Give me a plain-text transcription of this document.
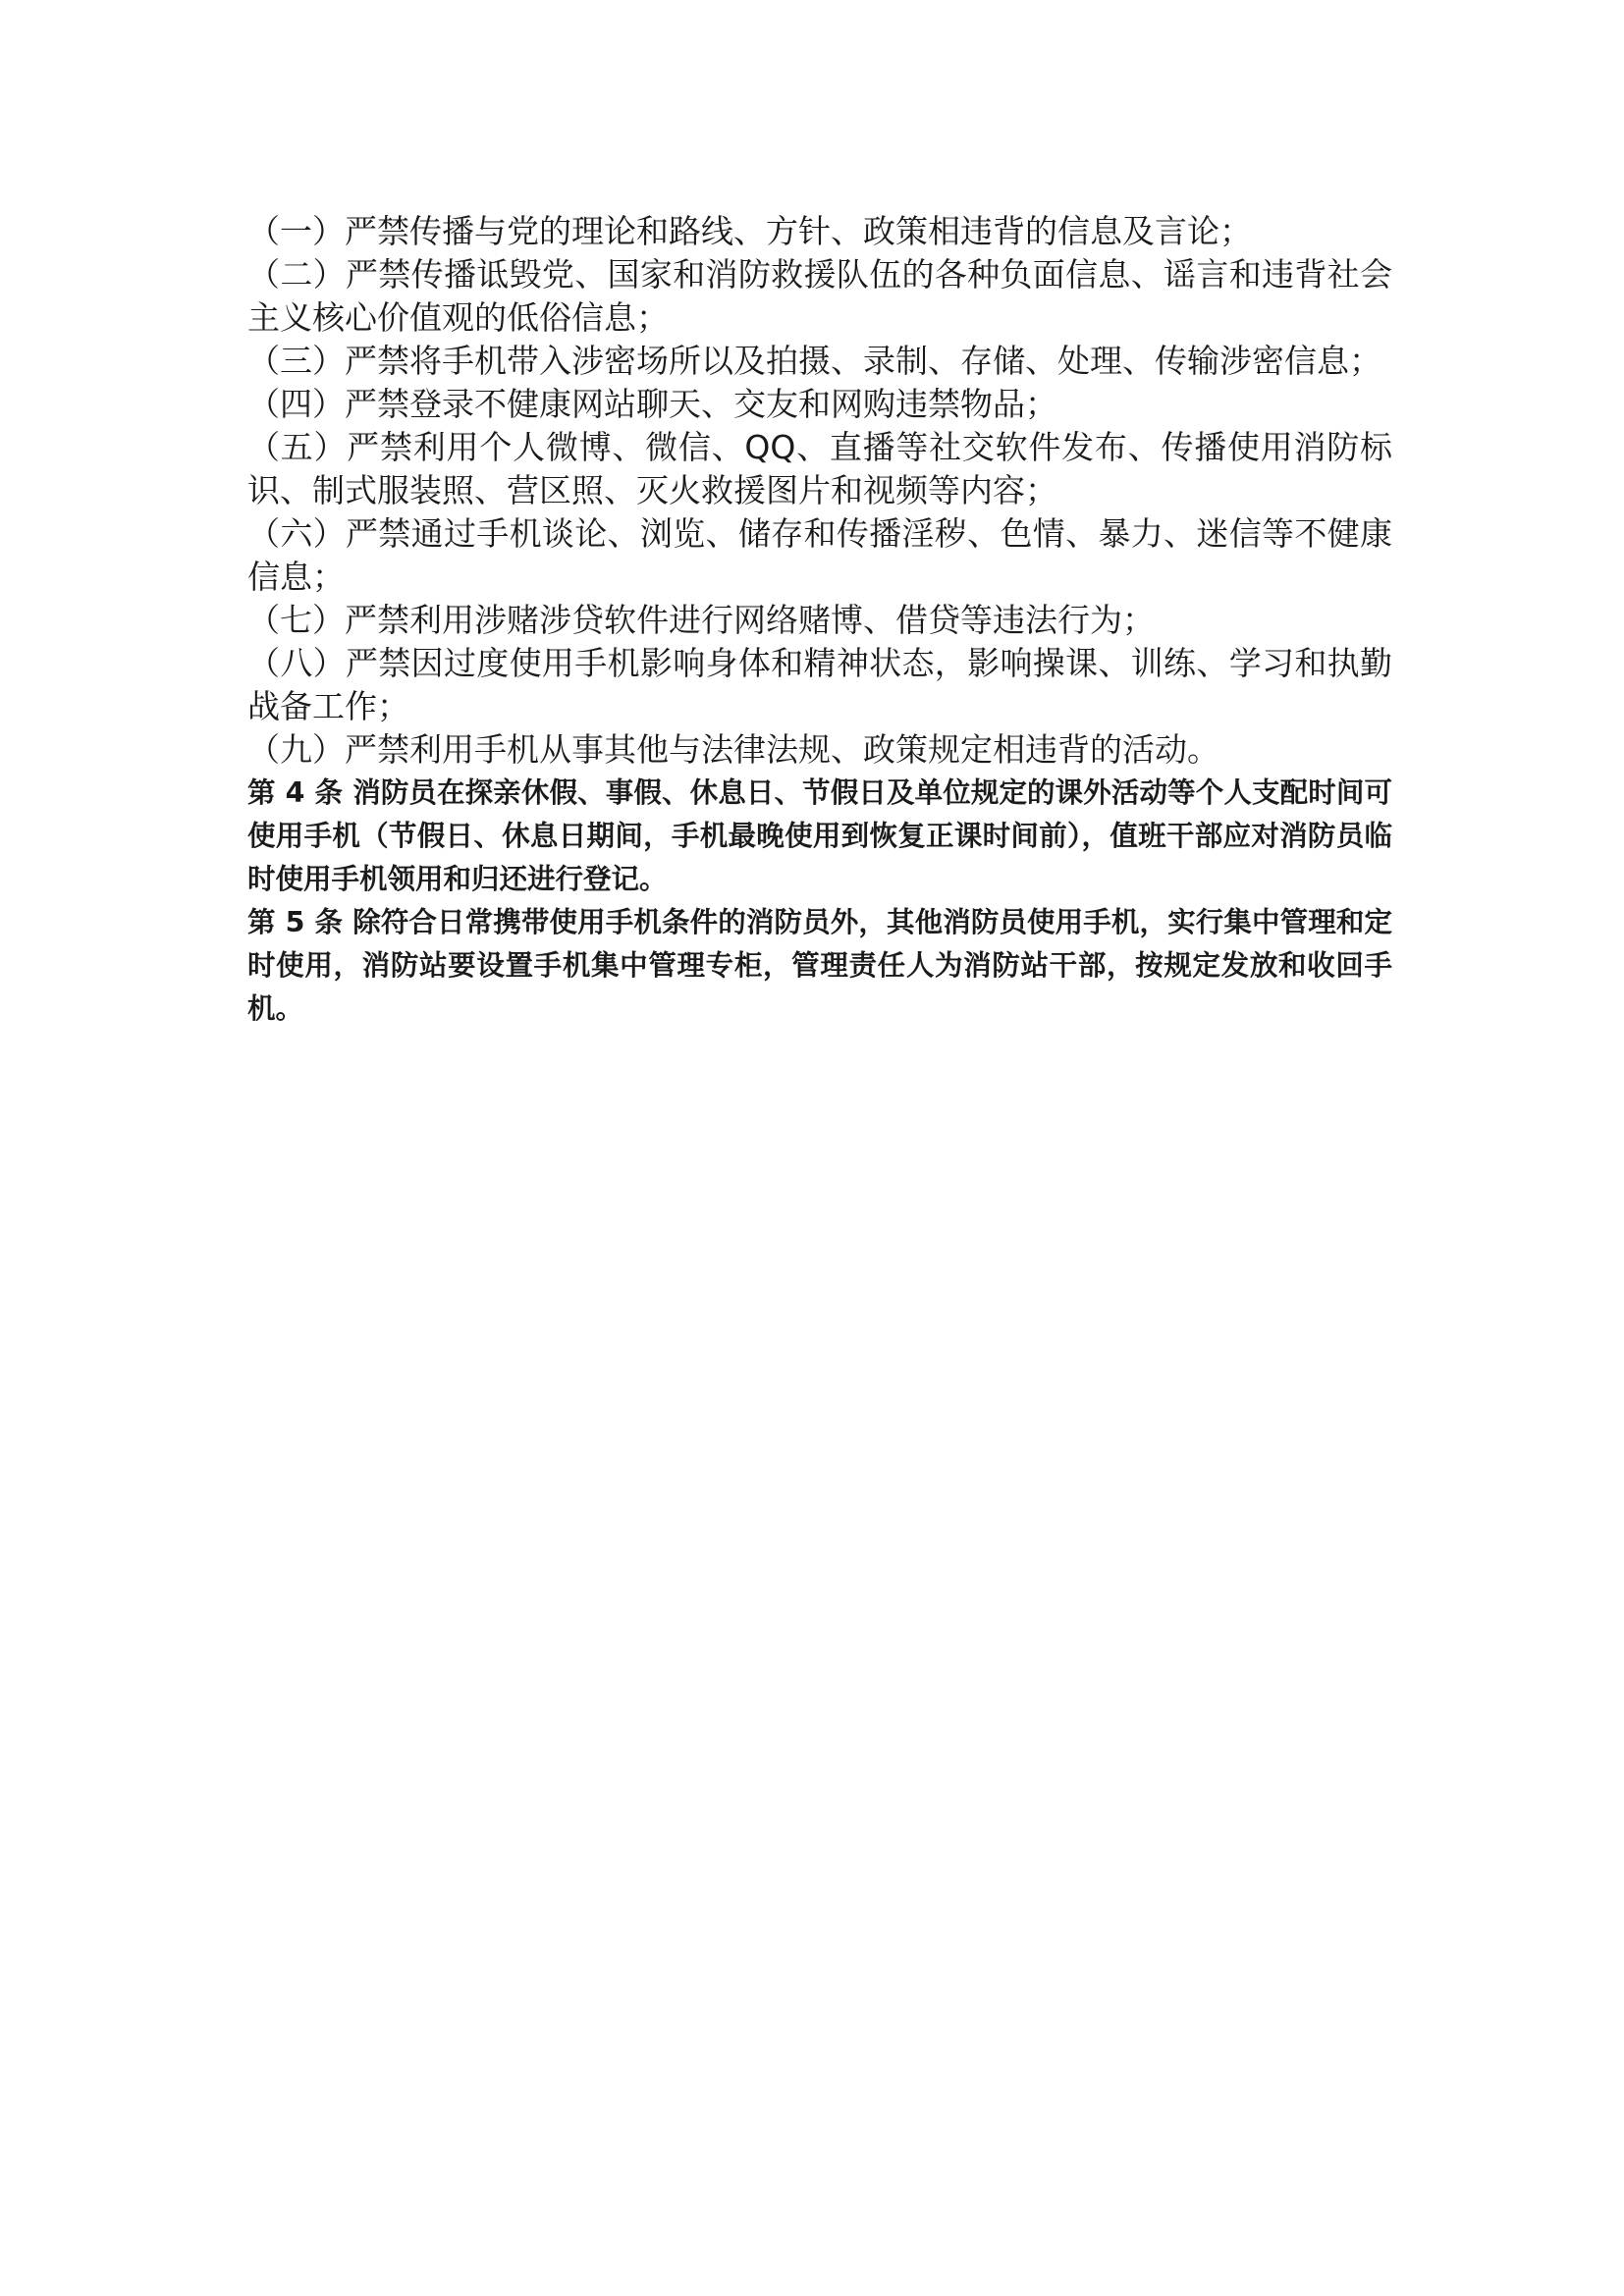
（一）严禁传播与党的理论和路线、方针、政策相违背的信息及言论；

（二）严禁传播诋毁党、国家和消防救援队伍的各种负面信息、谣言和违背社会主义核心价值观的低俗信息；

（三）严禁将手机带入涉密场所以及拍摄、录制、存储、处理、传输涉密信息；

（四）严禁登录不健康网站聊天、交友和网购违禁物品；

（五）严禁利用个人微博、微信、QQ、直播等社交软件发布、传播使用消防标识、制式服装照、营区照、灭火救援图片和视频等内容；

（六）严禁通过手机谈论、浏览、储存和传播淫秽、色情、暴力、迷信等不健康信息；

（七）严禁利用涉赌涉贷软件进行网络赌博、借贷等违法行为；

（八）严禁因过度使用手机影响身体和精神状态，影响操课、训练、学习和执勤战备工作；

（九）严禁利用手机从事其他与法律法规、政策规定相违背的活动。

第 4 条 消防员在探亲休假、事假、休息日、节假日及单位规定的课外活动等个人支配时间可使用手机（节假日、休息日期间，手机最晚使用到恢复正课时间前），值班干部应对消防员临时使用手机领用和归还进行登记。

第 5 条 除符合日常携带使用手机条件的消防员外，其他消防员使用手机，实行集中管理和定时使用，消防站要设置手机集中管理专柜，管理责任人为消防站干部，按规定发放和收回手机。
